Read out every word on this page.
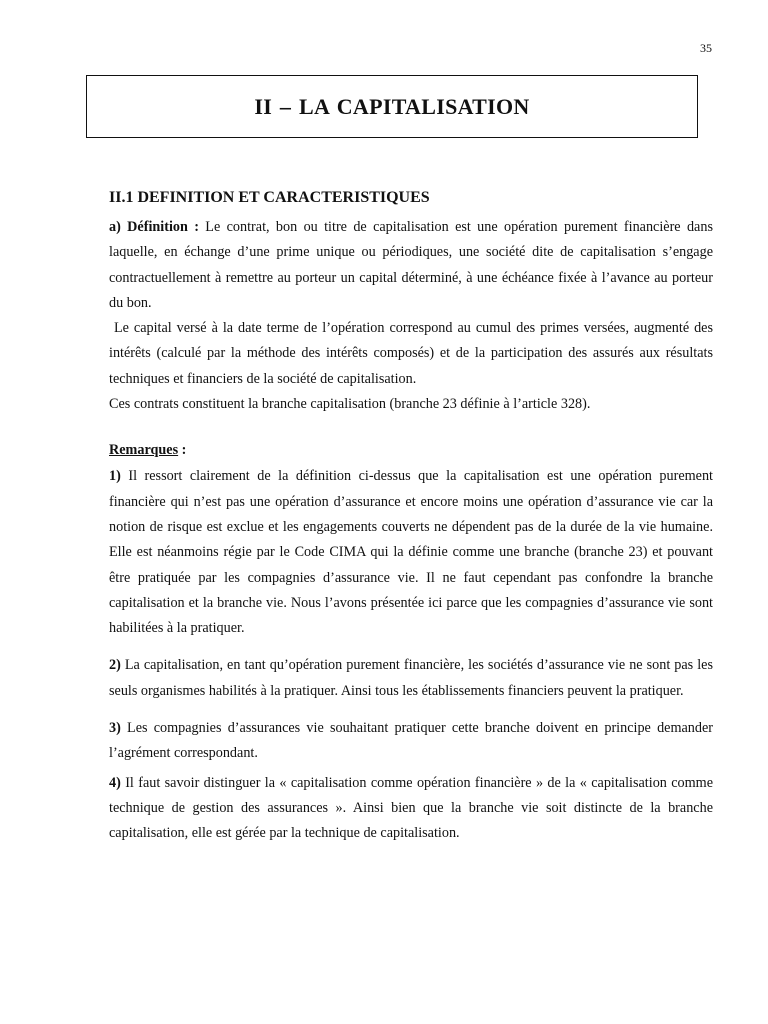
35
II – LA CAPITALISATION
II.1 DEFINITION ET CARACTERISTIQUES

a) Définition : Le contrat, bon ou titre de capitalisation est une opération purement financière dans laquelle, en échange d’une prime unique ou périodiques, une société dite de capitalisation s’engage contractuellement à remettre au porteur un capital déterminé, à une échéance fixée à l’avance au porteur du bon.

Le capital versé à la date terme de l’opération correspond au cumul des primes versées, augmenté des intérêts (calculé par la méthode des intérêts composés) et de la participation des assurés aux résultats techniques et financiers de la société de capitalisation.

Ces contrats constituent la branche capitalisation (branche 23 définie à l’article 328).

Remarques :

1) Il ressort clairement de la définition ci-dessus que la capitalisation est une opération purement financière qui n’est pas une opération d’assurance et encore moins une opération d’assurance vie car la notion de risque est exclue et les engagements couverts ne dépendent pas de la durée de la vie humaine. Elle est néanmoins régie par le Code CIMA qui la définie comme une branche (branche 23) et pouvant être pratiquée par les compagnies d’assurance vie. Il ne faut cependant pas confondre la branche capitalisation et la branche vie. Nous l’avons présentée ici parce que les compagnies d’assurance vie sont habilitées à la pratiquer.

2) La capitalisation, en tant qu’opération purement financière, les sociétés d’assurance vie ne sont pas les seuls organismes habilités à la pratiquer. Ainsi tous les établissements financiers peuvent la pratiquer.

3) Les compagnies d’assurances vie souhaitant pratiquer cette branche doivent en principe demander l’agrément correspondant.

4) Il faut savoir distinguer la « capitalisation comme opération financière » de la « capitalisation comme technique de gestion des assurances ». Ainsi bien que la branche vie soit distincte de la branche capitalisation, elle est gérée par la technique de capitalisation.
